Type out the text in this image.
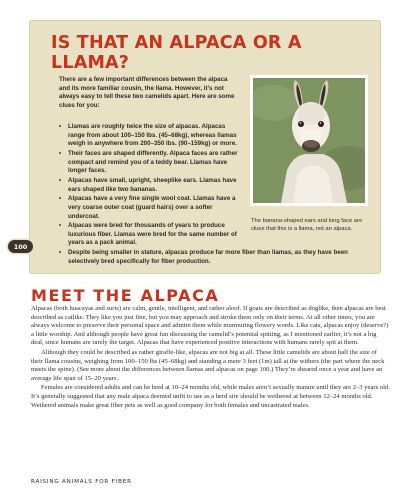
IS THAT AN ALPACA OR A LLAMA?

There are a few important differences between the alpaca and its more familiar cousin, the llama. However, it’s not always easy to tell these two camelids apart. Here are some clues for you:

• Llamas are roughly twice the size of alpacas. Alpacas range from about 100–150 lbs. (45–68kg), whereas llamas weigh in anywhere from 200–350 lbs. (90–159kg) or more.
• Their faces are shaped differently. Alpaca faces are rather compact and remind you of a teddy bear. Llamas have longer faces.
• Alpacas have small, upright, sheeplike ears. Llamas have ears shaped like two bananas.
• Alpacas have a very fine single wool coat. Llamas have a very coarse outer coat (guard hairs) over a softer undercoat.
• Alpacas were bred for thousands of years to produce luxurious fiber. Llamas were bred for the same number of years as a pack animal.
• Despite being smaller in stature, alpacas produce far more fiber than llamas, as they have been selectively bred specifically for fiber production.

The banana-shaped ears and long face are clues that this is a llama, not an alpaca.

100
MEET THE ALPACA

Alpacas (both huacayas and suris) are calm, gentle, intelligent, and rather aloof. If goats are described as doglike, then alpacas are best described as catlike. They like you just fine, but you may approach and stroke them only on their terms. At all other times, you are always welcome to preserve their personal space and admire them while murmuring flowery words. Like cats, alpacas enjoy (deserve?) a little worship. And although people have great fun discussing the camelid’s potential spitting, as I mentioned earlier, it’s not a big deal, since humans are rarely the target. Alpacas that have experienced positive interactions with humans rarely spit at them.

Although they could be described as rather giraffe-like, alpacas are not big at all. These little camelids are about half the size of their llama cousins, weighing from 100–150 lbs (45–68kg) and standing a mere 3 feet (1m) tall at the withers (the part where the neck meets the spine). (See more about the differences between llamas and alpacas on page 100.) They’re sheared once a year and have an average life span of 15–20 years.

Females are considered adults and can be bred at 10–24 months old, while males aren’t sexually mature until they are 2–3 years old. It’s generally suggested that any male alpaca deemed unfit to use as a herd sire should be wethered at between 12–24 months old. Wethered animals make great fiber pets as well as good company for both females and uncastrated males.

RAISING ANIMALS FOR FIBER
